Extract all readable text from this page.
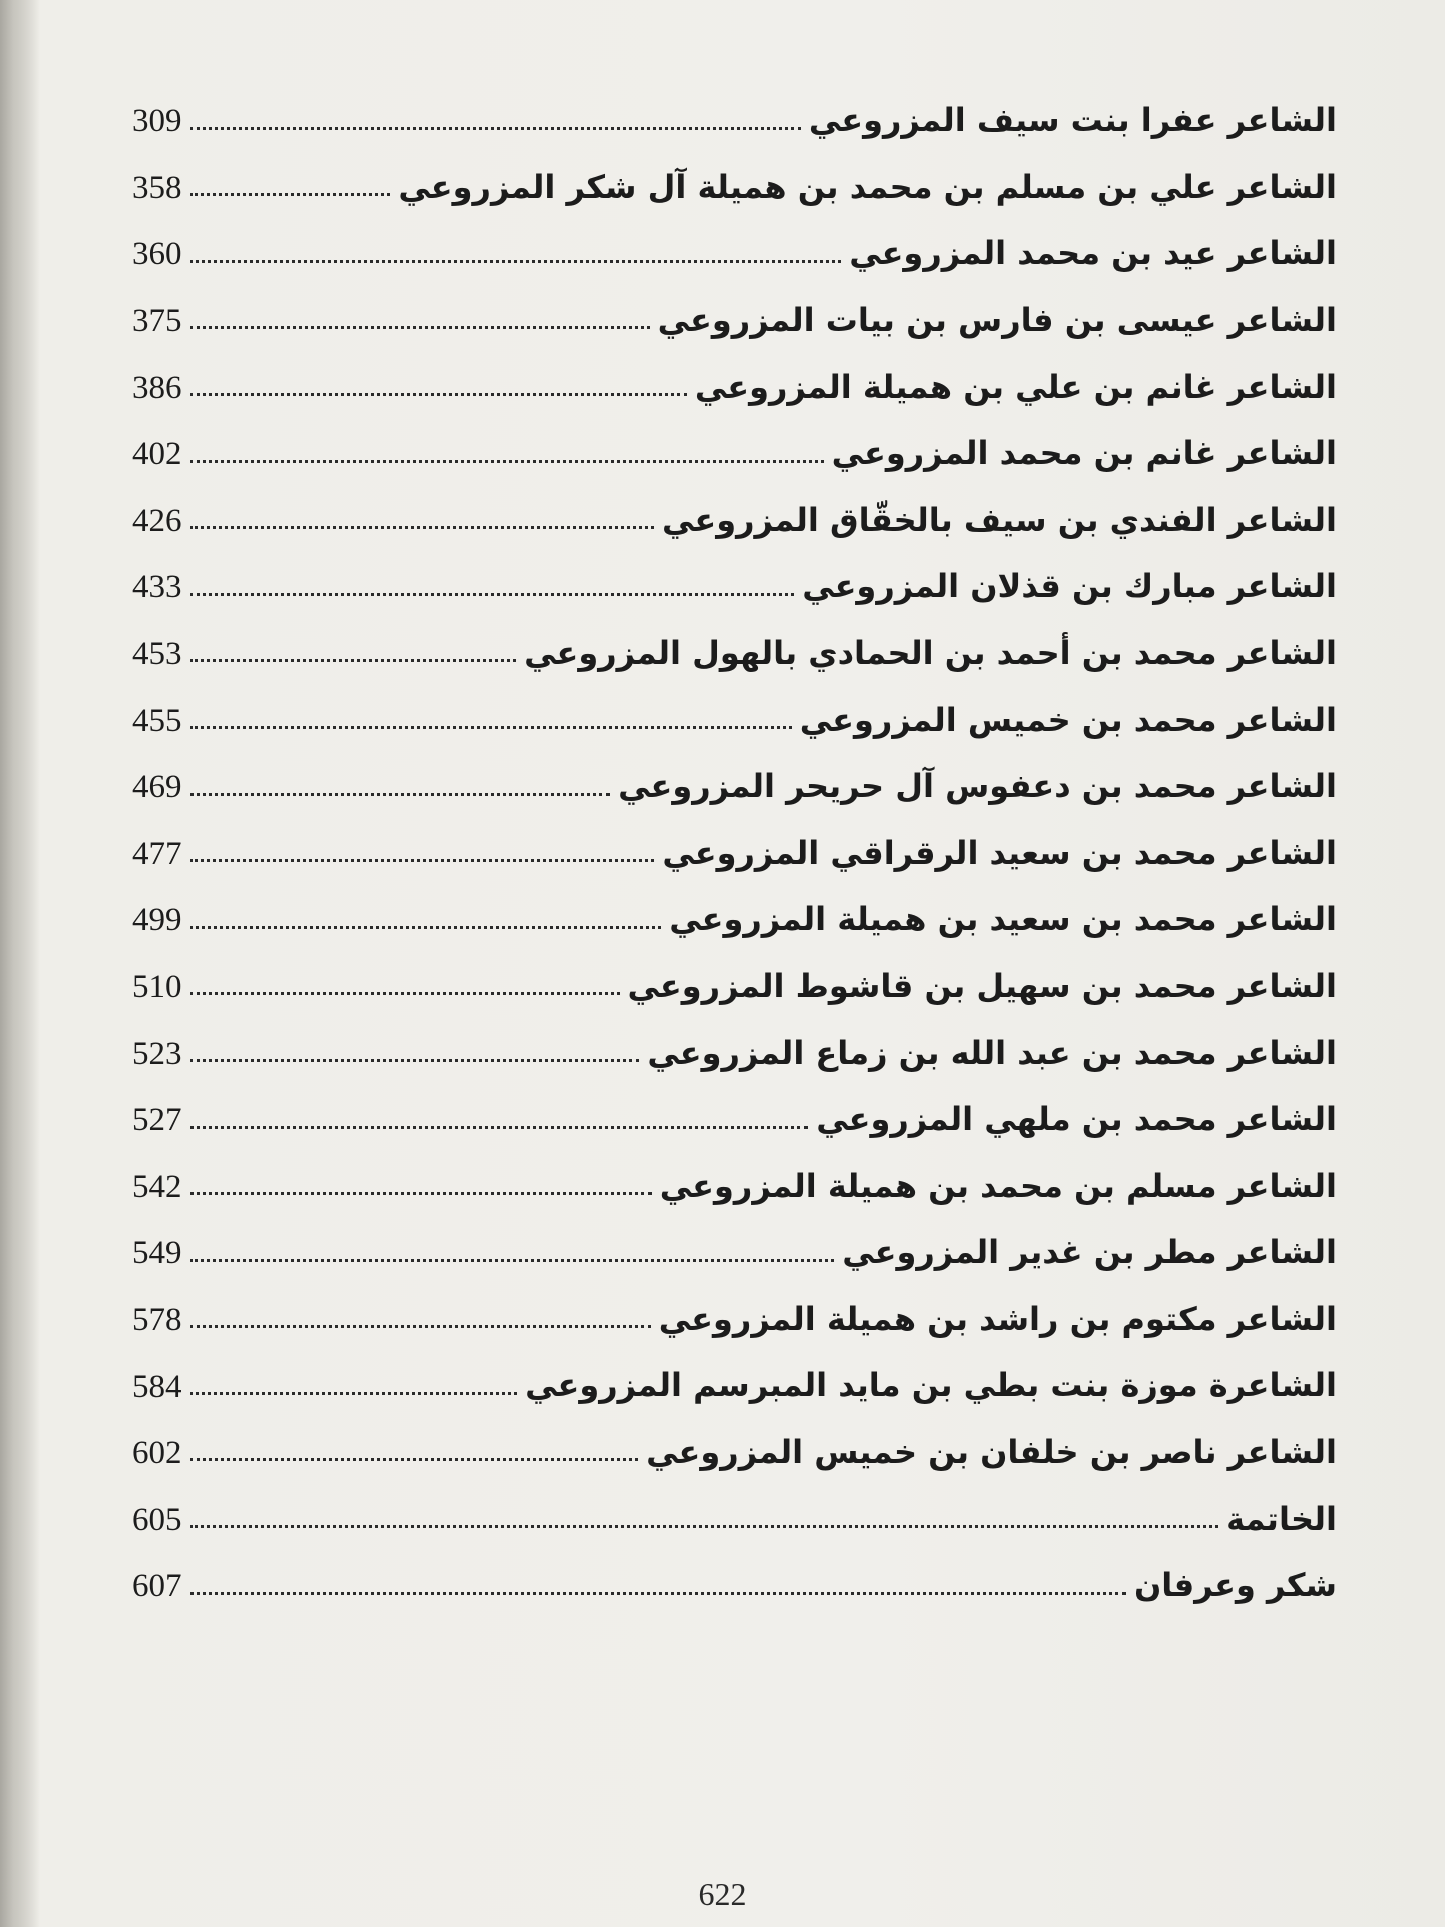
الشاعر عفرا بنت سيف المزروعي
309
الشاعر علي بن مسلم بن محمد بن هميلة آل شكر المزروعي
358
الشاعر عيد بن محمد المزروعي
360
الشاعر عيسى بن فارس بن بيات المزروعي
375
الشاعر غانم بن علي بن هميلة المزروعي
386
الشاعر غانم بن محمد المزروعي
402
الشاعر الفندي بن سيف بالخقّاق المزروعي
426
الشاعر مبارك بن قذلان المزروعي
433
الشاعر محمد بن أحمد بن الحمادي بالهول المزروعي
453
الشاعر محمد بن خميس المزروعي
455
الشاعر محمد بن دعفوس آل حريحر المزروعي
469
الشاعر محمد بن سعيد الرقراقي المزروعي
477
الشاعر محمد بن سعيد بن هميلة المزروعي
499
الشاعر محمد بن سهيل بن قاشوط المزروعي
510
الشاعر محمد بن عبد الله بن زماع المزروعي
523
الشاعر محمد بن ملهي المزروعي
527
الشاعر مسلم بن محمد بن هميلة المزروعي
542
الشاعر مطر بن غدير المزروعي
549
الشاعر مكتوم بن راشد بن هميلة المزروعي
578
الشاعرة موزة بنت بطي بن مايد المبرسم المزروعي
584
الشاعر ناصر بن خلفان بن خميس المزروعي
602
الخاتمة
605
شكر وعرفان
607
622
